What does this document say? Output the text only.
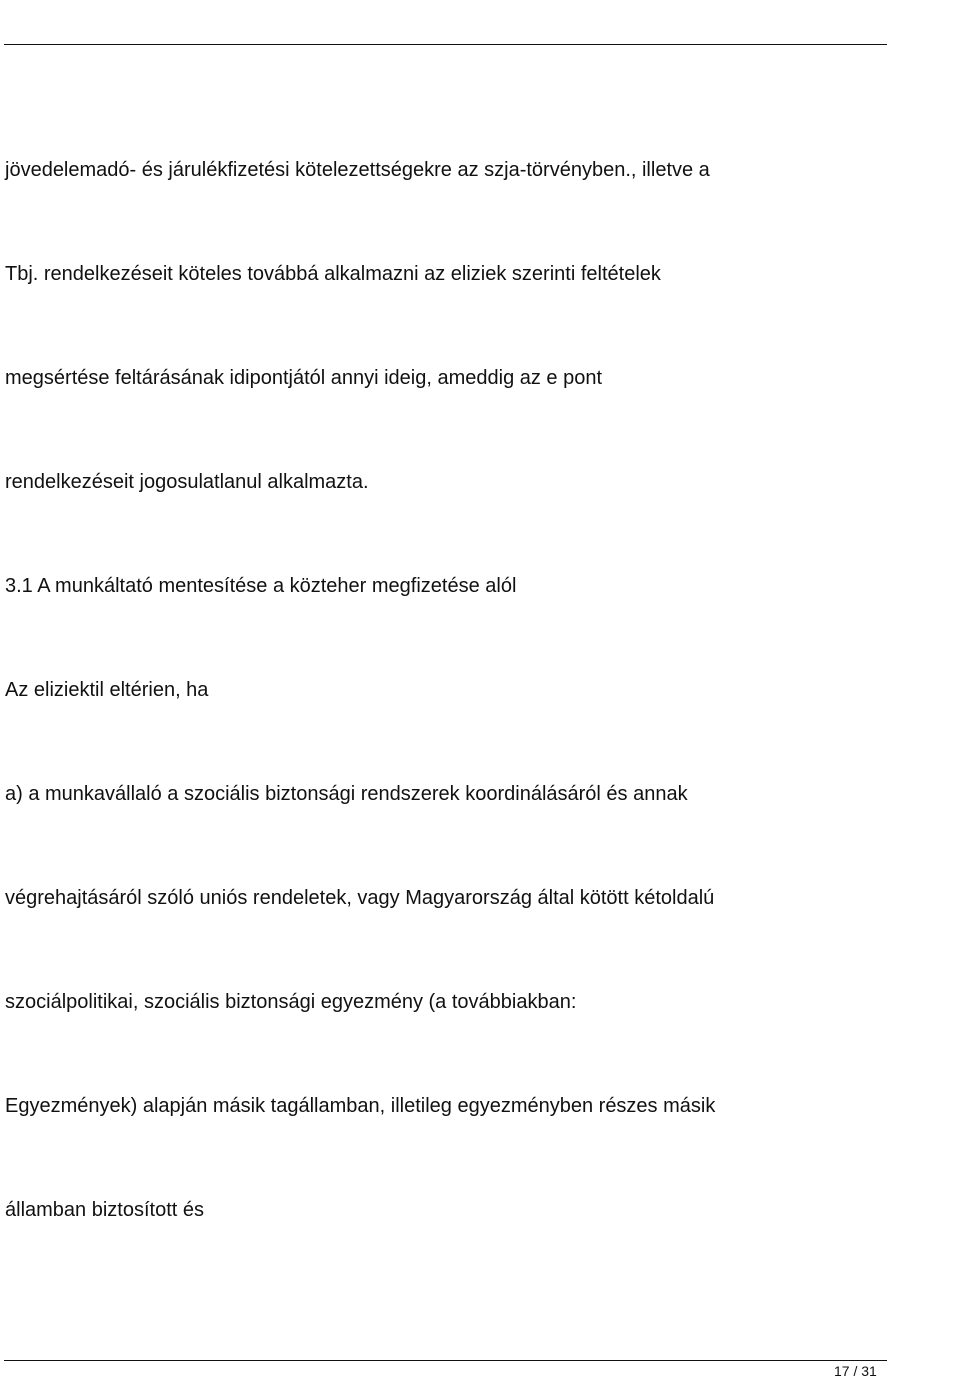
jövedelemadó- és járulékfizetési kötelezettségekre az szja-törvényben., illetve a
Tbj. rendelkezéseit köteles továbbá alkalmazni az eliziek szerinti feltételek
megsértése feltárásának idipontjától annyi ideig, ameddig az e pont
rendelkezéseit jogosulatlanul alkalmazta.
3.1 A munkáltató mentesítése a közteher megfizetése alól
Az eliziektil eltérien, ha
a) a munkavállaló a szociális biztonsági rendszerek koordinálásáról és annak
végrehajtásáról szóló uniós rendeletek, vagy Magyarország által kötött kétoldalú
szociálpolitikai, szociális biztonsági egyezmény (a továbbiakban:
Egyezmények) alapján másik tagállamban, illetileg egyezményben részes másik
államban biztosított és
17 / 31
